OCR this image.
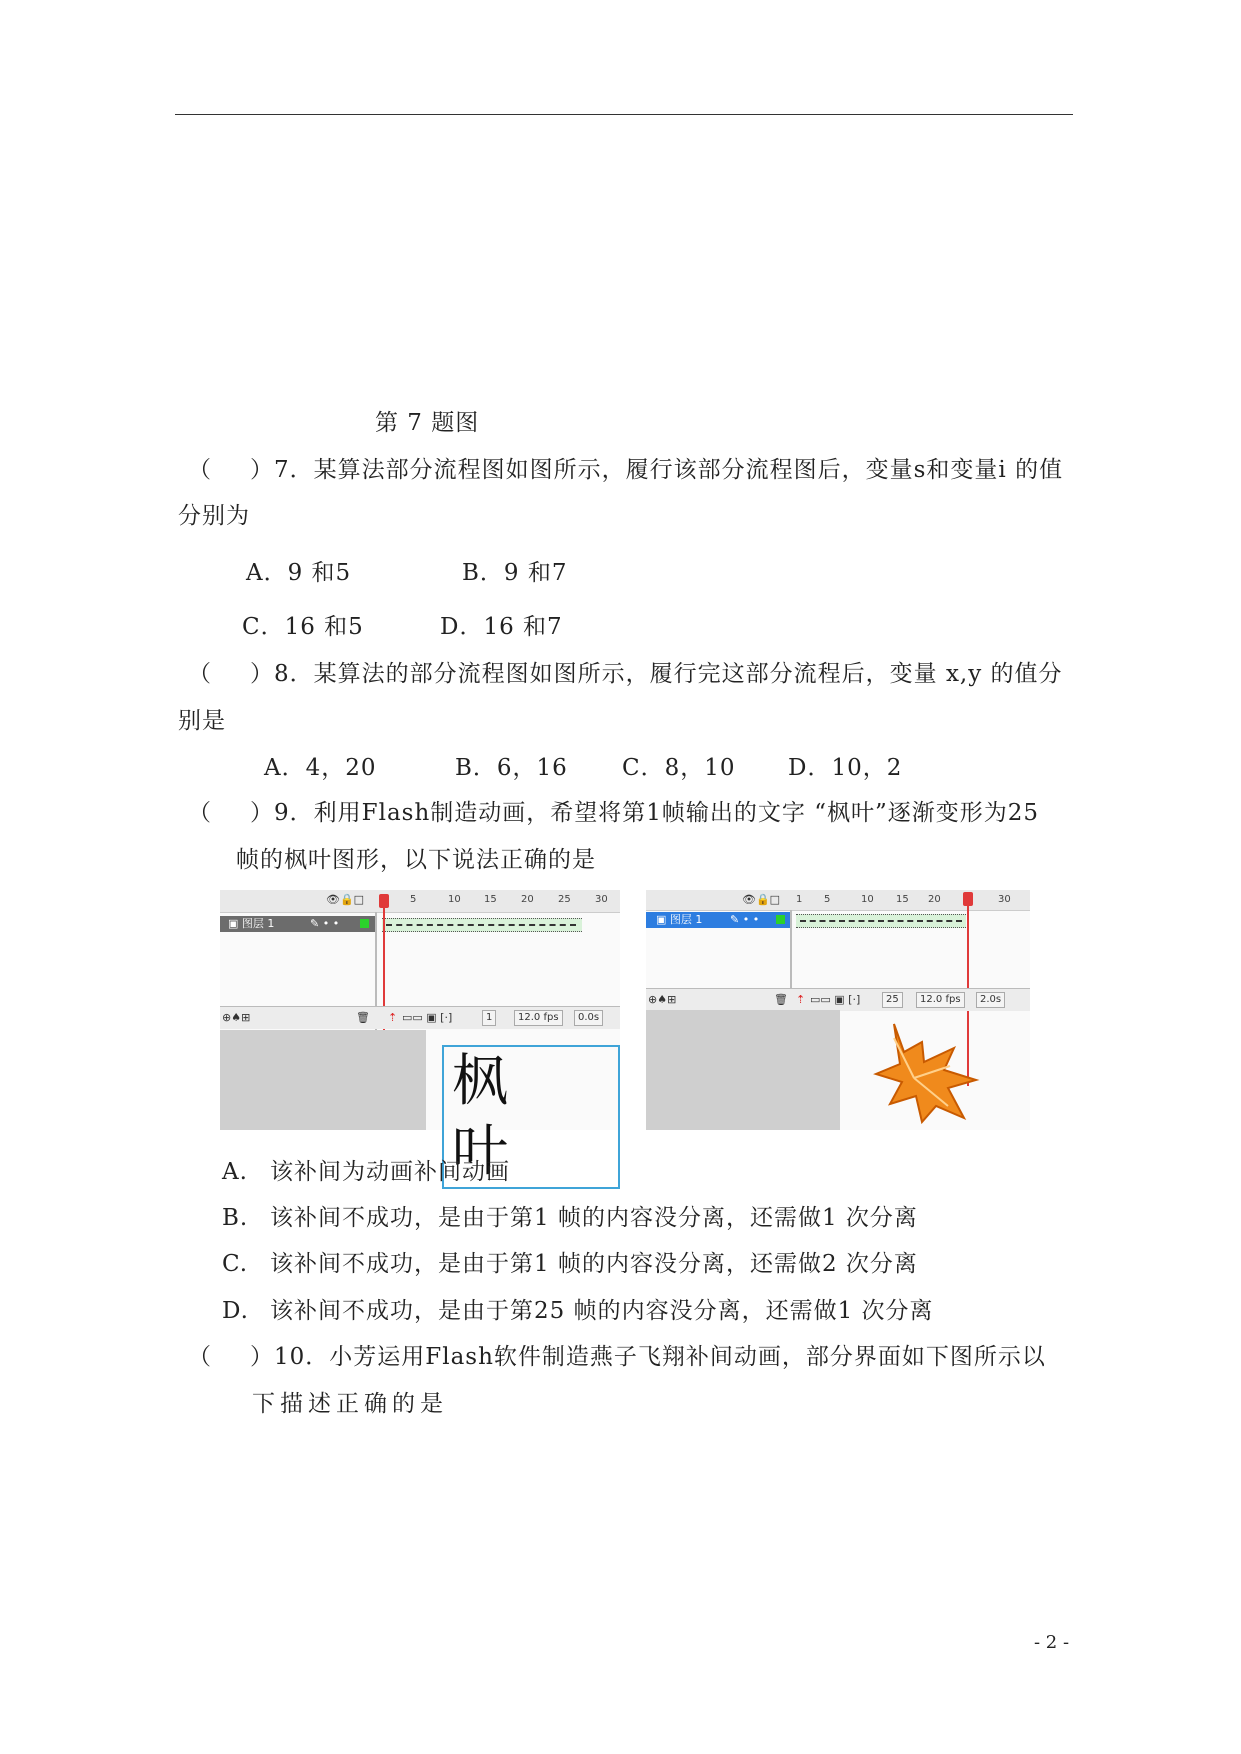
第 7 题图
（ ）7．某算法部分流程图如图所示，履行该部分流程图后，变量s和变量i 的值
分别为
A．9 和5	B．9 和7
C．16 和5	D．16 和7
（ ）8．某算法的部分流程图如图所示，履行完这部分流程后，变量 x,y 的值分
别是
A．4，20	B．6，16 C．8，10 D．10，2
（ ）9．利用Flash制造动画，希望将第1帧输出的文字 “枫叶”逐渐变形为25
帧的枫叶图形，以下说法正确的是
👁🔒□	5	10 15 20 25 30
▣ 图层 1	✎ • •
⊕♠⊞	🗑 ⇡ ▭▭ ▣ [·]	1	12.0 fps	0.0s
枫 叶
👁🔒□ 1 5	10 15 20	30
▣ 图层 1	✎ • •
⊕♠⊞	🗑 ⇡ ▭▭ ▣ [·]	25	12.0 fps	2.0s
A. 该补间为动画补间动画
B. 该补间不成功，是由于第1 帧的内容没分离，还需做1 次分离
C. 该补间不成功，是由于第1 帧的内容没分离，还需做2 次分离
D. 该补间不成功，是由于第25 帧的内容没分离，还需做1 次分离
（ ）10．小芳运用Flash软件制造燕子飞翔补间动画，部分界面如下图所示以
下描述正确的是
- 2 -
